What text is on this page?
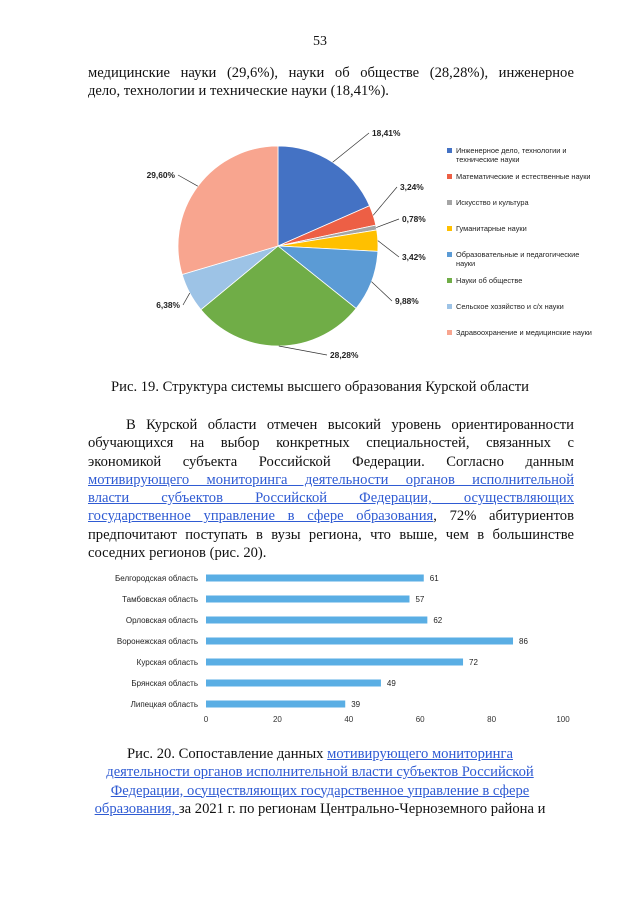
53
медицинские науки (29,6%), науки об обществе (28,28%), инженерное
дело, технологии и технические науки (18,41%).
18,41%
3,24%
0,78%
3,42%
9,88%
28,28%
6,38%
29,60%
Инженерное дело, технологии и технические науки
Математические и естественные науки
Искусство и культура
Гуманитарные науки
Образовательные и педагогические науки
Науки об обществе
Сельское хозяйство и с/х науки
Здравоохранение и медицинские науки
Рис. 19. Структура системы высшего образования Курской области
В Курской области отмечен высокий уровень ориентированности
обучающихся на выбор конкретных специальностей, связанных с
экономикой субъекта Российской Федерации. Согласно данным
мотивирующего мониторинга деятельности органов исполнительной
власти субъектов Российской Федерации, осуществляющих
государственное управление в сфере образования, 72% абитуриентов
предпочитают поступать в вузы региона, что выше, чем в большинстве
соседних регионов (рис. 20).
Белгородская область	61
Тамбовская область	57
Орловская область	62
Воронежская область	86
Курская область	72
Брянская область	49
Липецкая область	39
0	20	40	60	80	100
Рис. 20. Сопоставление данных мотивирующего мониторинга
деятельности органов исполнительной власти субъектов Российской
Федерации, осуществляющих государственное управление в сфере
образования, за 2021 г. по регионам Центрально-Черноземного района и
